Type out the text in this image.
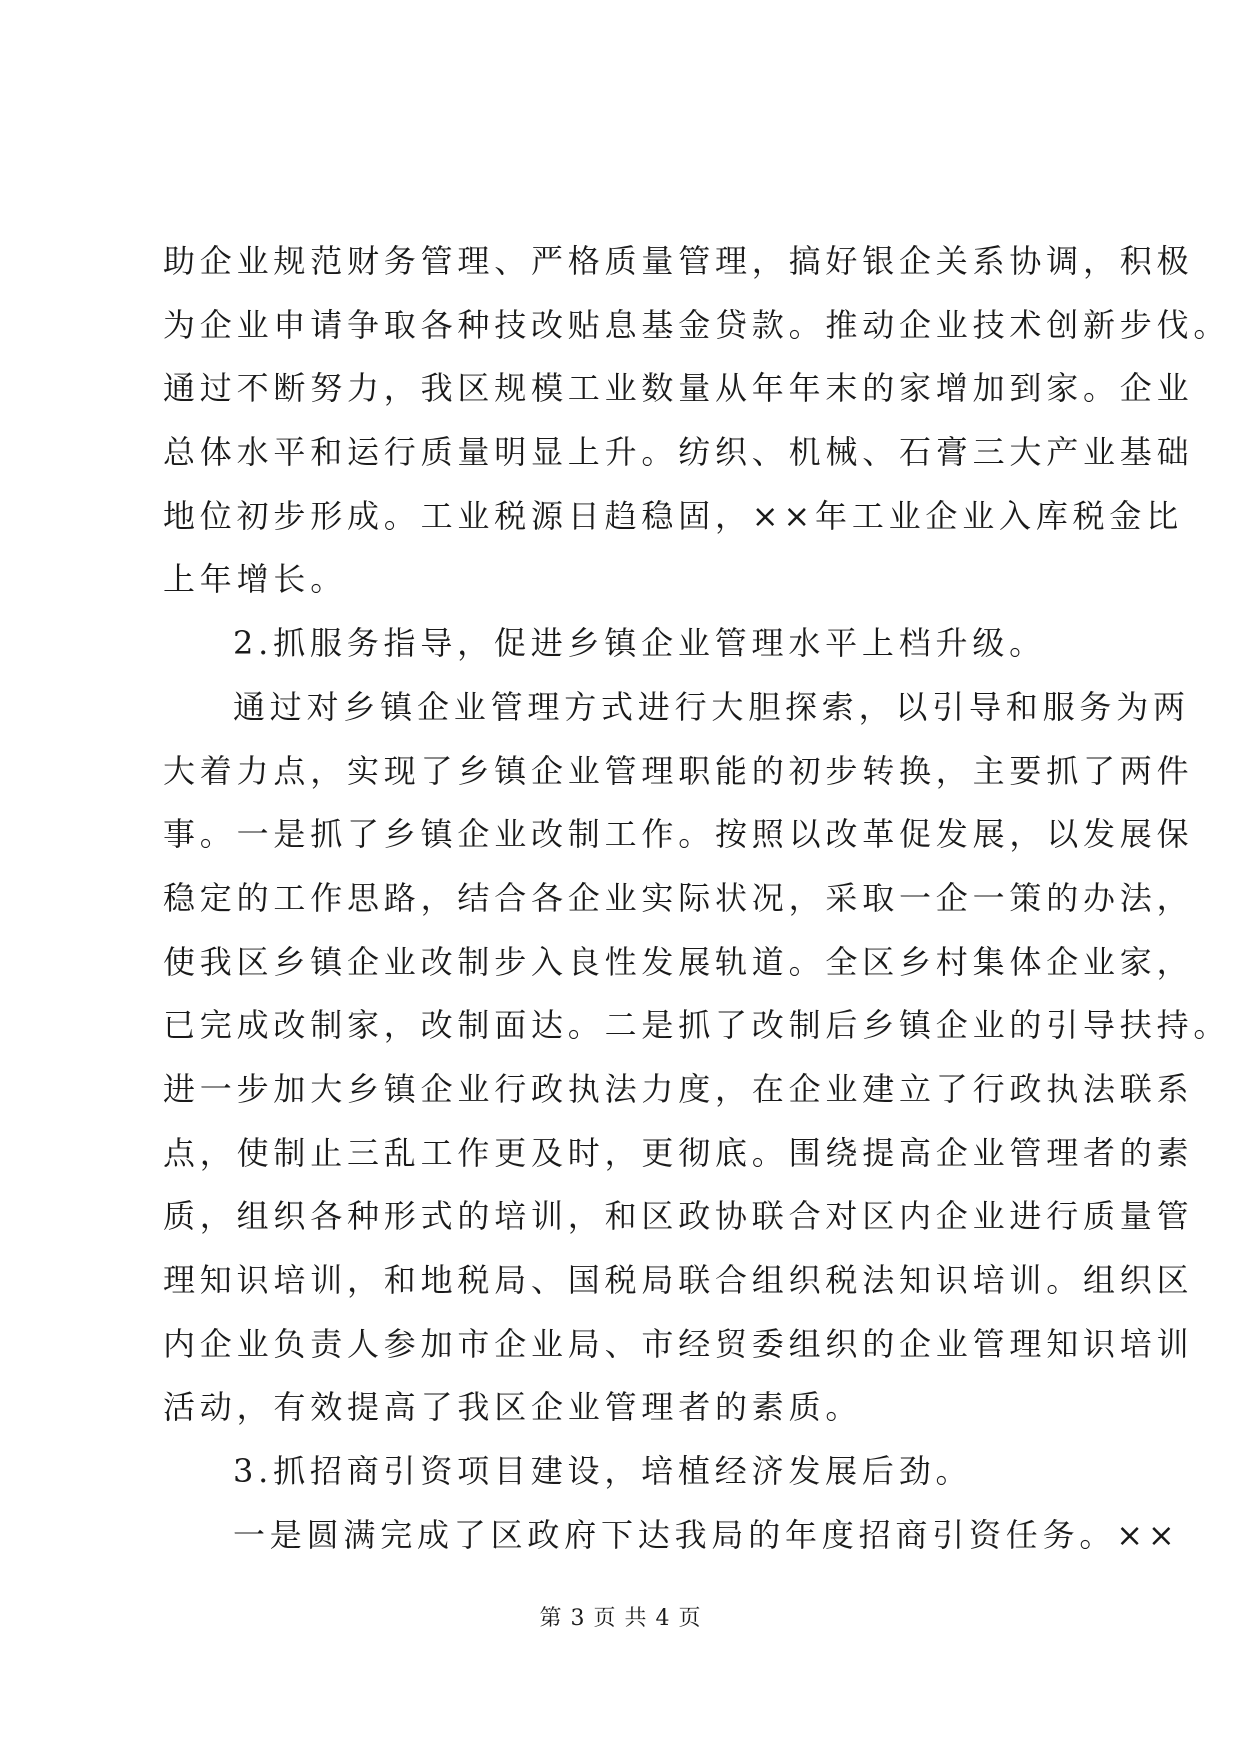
助企业规范财务管理、严格质量管理，搞好银企关系协调，积极
为企业申请争取各种技改贴息基金贷款。推动企业技术创新步伐。
通过不断努力，我区规模工业数量从年年末的家增加到家。企业
总体水平和运行质量明显上升。纺织、机械、石膏三大产业基础
地位初步形成。工业税源日趋稳固，××年工业企业入库税金比
上年增长。
2.抓服务指导，促进乡镇企业管理水平上档升级。
通过对乡镇企业管理方式进行大胆探索，以引导和服务为两
大着力点，实现了乡镇企业管理职能的初步转换，主要抓了两件
事。一是抓了乡镇企业改制工作。按照以改革促发展，以发展保
稳定的工作思路，结合各企业实际状况，采取一企一策的办法，
使我区乡镇企业改制步入良性发展轨道。全区乡村集体企业家，
已完成改制家，改制面达。二是抓了改制后乡镇企业的引导扶持。
进一步加大乡镇企业行政执法力度，在企业建立了行政执法联系
点，使制止三乱工作更及时，更彻底。围绕提高企业管理者的素
质，组织各种形式的培训，和区政协联合对区内企业进行质量管
理知识培训，和地税局、国税局联合组织税法知识培训。组织区
内企业负责人参加市企业局、市经贸委组织的企业管理知识培训
活动，有效提高了我区企业管理者的素质。
3.抓招商引资项目建设，培植经济发展后劲。
一是圆满完成了区政府下达我局的年度招商引资任务。××
第 3 页 共 4 页
